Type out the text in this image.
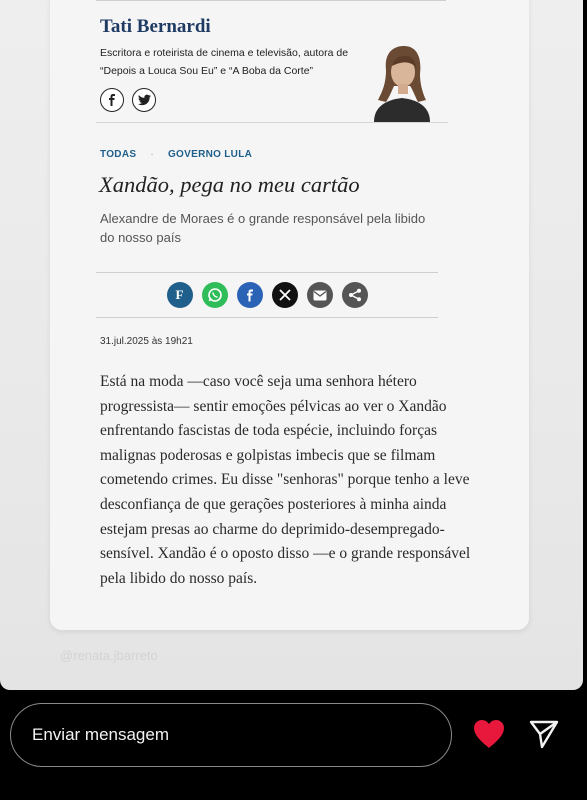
Tati Bernardi
Escritora e roteirista de cinema e televisão, autora de “Depois a Louca Sou Eu” e “A Boba da Corte”
TODAS · GOVERNO LULA
Xandão, pega no meu cartão
Alexandre de Moraes é o grande responsável pela libido do nosso país
F
31.jul.2025 às 19h21
Está na moda —caso você seja uma senhora hétero progressista— sentir emoções pélvicas ao ver o Xandão enfrentando fascistas de toda espécie, incluindo forças malignas poderosas e golpistas imbecis que se filmam cometendo crimes. Eu disse "senhoras" porque tenho a leve desconfiança de que gerações posteriores à minha ainda estejam presas ao charme do deprimido-desempregado-sensível. Xandão é o oposto disso —e o grande responsável pela libido do nosso país.
@renata.jbarreto
Enviar mensagem
